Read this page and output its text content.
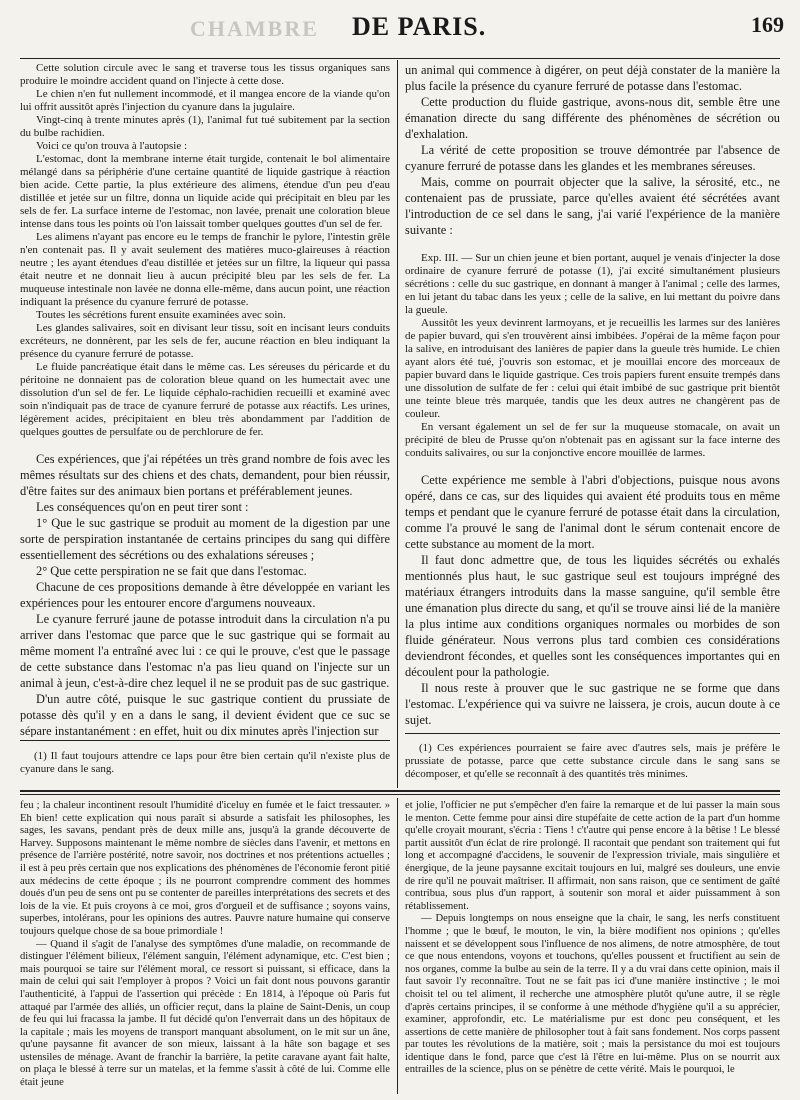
CHAMBRE DE PARIS.	169

Cette solution circule avec le sang et traverse tous les tissus organiques sans produire le moindre accident quand on l'injecte à cette dose.

Le chien n'en fut nullement incommodé, et il mangea encore de la viande qu'on lui offrit aussitôt après l'injection du cyanure dans la jugulaire.

Vingt-cinq à trente minutes après (1), l'animal fut tué subitement par la section du bulbe rachidien.

Voici ce qu'on trouva à l'autopsie :

L'estomac, dont la membrane interne était turgide, contenait le bol alimentaire mélangé dans sa périphérie d'une certaine quantité de liquide gastrique à réaction bien acide. Cette partie, la plus extérieure des alimens, étendue d'un peu d'eau distillée et jetée sur un filtre, donna un liquide acide qui précipitait en bleu par les sels de fer. La surface interne de l'estomac, non lavée, prenait une coloration bleue intense dans tous les points où l'on laissait tomber quelques gouttes d'un sel de fer.

Les alimens n'ayant pas encore eu le temps de franchir le pylore, l'intestin grêle n'en contenait pas. Il y avait seulement des matières muco-glaireuses à réaction neutre ; les ayant étendues d'eau distillée et jetées sur un filtre, la liqueur qui passa était neutre et ne donnait lieu à aucun précipité bleu par les sels de fer. La muqueuse intestinale non lavée ne donna elle-même, dans aucun point, une réaction indiquant la présence du cyanure ferruré de potasse.

Toutes les sécrétions furent ensuite examinées avec soin.

Les glandes salivaires, soit en divisant leur tissu, soit en incisant leurs conduits excréteurs, ne donnèrent, par les sels de fer, aucune réaction en bleu indiquant la présence du cyanure ferruré de potasse.

Le fluide pancréatique était dans le même cas. Les séreuses du péricarde et du péritoine ne donnaient pas de coloration bleue quand on les humectait avec une dissolution d'un sel de fer. Le liquide céphalo-rachidien recueilli et examiné avec soin n'indiquait pas de trace de cyanure ferruré de potasse aux réactifs. Les urines, légèrement acides, précipitaient en bleu très abondamment par l'addition de quelques gouttes de persulfate ou de perchlorure de fer.

Ces expériences, que j'ai répétées un très grand nombre de fois avec les mêmes résultats sur des chiens et des chats, demandent, pour bien réussir, d'être faites sur des animaux bien portans et préférablement jeunes.

Les conséquences qu'on en peut tirer sont :

1° Que le suc gastrique se produit au moment de la digestion par une sorte de perspiration instantanée de certains principes du sang qui diffère essentiellement des sécrétions ou des exhalations séreuses ;

2° Que cette perspiration ne se fait que dans l'estomac.

Chacune de ces propositions demande à être développée en variant les expériences pour les entourer encore d'argumens nouveaux.

Le cyanure ferruré jaune de potasse introduit dans la circulation n'a pu arriver dans l'estomac que parce que le suc gastrique qui se formait au même moment l'a entraîné avec lui : ce qui le prouve, c'est que le passage de cette substance dans l'estomac n'a pas lieu quand on l'injecte sur un animal à jeun, c'est-à-dire chez lequel il ne se produit pas de suc gastrique.

D'un autre côté, puisque le suc gastrique contient du prussiate de potasse dès qu'il y en a dans le sang, il devient évident que ce suc se sépare instantanément : en effet, huit ou dix minutes après l'injection sur

un animal qui commence à digérer, on peut déjà constater de la manière la plus facile la présence du cyanure ferruré de potasse dans l'estomac.

Cette production du fluide gastrique, avons-nous dit, semble être une émanation directe du sang différente des phénomènes de sécrétion ou d'exhalation.

La vérité de cette proposition se trouve démontrée par l'absence de cyanure ferruré de potasse dans les glandes et les membranes séreuses.

Mais, comme on pourrait objecter que la salive, la sérosité, etc., ne contenaient pas de prussiate, parce qu'elles avaient été sécrétées avant l'introduction de ce sel dans le sang, j'ai varié l'expérience de la manière suivante :

Exp. III. — Sur un chien jeune et bien portant, auquel je venais d'injecter la dose ordinaire de cyanure ferruré de potasse (1), j'ai excité simultanément plusieurs sécrétions : celle du suc gastrique, en donnant à manger à l'animal ; celle des larmes, en lui jetant du tabac dans les yeux ; celle de la salive, en lui mettant du poivre dans la gueule.

Aussitôt les yeux devinrent larmoyans, et je recueillis les larmes sur des lanières de papier buvard, qui s'en trouvèrent ainsi imbibées. J'opérai de la même façon pour la salive, en introduisant des lanières de papier dans la gueule très humide. Le chien ayant alors été tué, j'ouvris son estomac, et je mouillai encore des morceaux de papier buvard dans le liquide gastrique. Ces trois papiers furent ensuite trempés dans une dissolution de sulfate de fer : celui qui était imbibé de suc gastrique prit bientôt une teinte bleue très marquée, tandis que les deux autres ne changèrent pas de couleur.

En versant également un sel de fer sur la muqueuse stomacale, on avait un précipité de bleu de Prusse qu'on n'obtenait pas en agissant sur la face interne des conduits salivaires, ou sur la conjonctive encore mouillée de larmes.

Cette expérience me semble à l'abri d'objections, puisque nous avons opéré, dans ce cas, sur des liquides qui avaient été produits tous en même temps et pendant que le cyanure ferruré de potasse était dans la circulation, comme l'a prouvé le sang de l'animal dont le sérum contenait encore de cette substance au moment de la mort.

Il faut donc admettre que, de tous les liquides sécrétés ou exhalés mentionnés plus haut, le suc gastrique seul est toujours imprégné des matériaux étrangers introduits dans la masse sanguine, qu'il semble être une émanation plus directe du sang, et qu'il se trouve ainsi lié de la manière la plus intime aux conditions organiques normales ou morbides de son fluide générateur. Nous verrons plus tard combien ces considérations deviendront fécondes, et quelles sont les conséquences importantes qui en découlent pour la pathologie.

Il nous reste à prouver que le suc gastrique ne se forme que dans l'estomac. L'expérience qui va suivre ne laissera, je crois, aucun doute à ce sujet.

(1) Il faut toujours attendre ce laps pour être bien certain qu'il n'existe plus de cyanure dans le sang.

(1) Ces expériences pourraient se faire avec d'autres sels, mais je préfère le prussiate de potasse, parce que cette substance circule dans le sang sans se décomposer, et qu'elle se reconnaît à des quantités très minimes.

feu ; la chaleur incontinent resoult l'humidité d'iceluy en fumée et le faict tressauter. » Eh bien! cette explication qui nous paraît si absurde a satisfait les philosophes, les sages, les savans, pendant près de deux mille ans, jusqu'à la grande découverte de Harvey. Supposons maintenant le même nombre de siècles dans l'avenir, et mettons en présence de l'arrière postérité, notre savoir, nos doctrines et nos prétentions actuelles ; il est à peu près certain que nos explications des phénomènes de l'économie feront pitié aux médecins de cette époque ; ils ne pourront comprendre comment des hommes doués d'un peu de sens ont pu se contenter de pareilles interprétations des secrets et des lois de la vie. Et puis croyons à ce moi, gros d'orgueil et de suffisance ; soyons vains, superbes, intolérans, pour les opinions des autres. Pauvre nature humaine qui conserve toujours quelque chose de sa boue primordiale !

— Quand il s'agit de l'analyse des symptômes d'une maladie, on recommande de distinguer l'élément bilieux, l'élément sanguin, l'élément adynamique, etc. C'est bien ; mais pourquoi se taire sur l'élément moral, ce ressort si puissant, si efficace, dans la main de celui qui sait l'employer à propos ? Voici un fait dont nous pouvons garantir l'authenticité, à l'appui de l'assertion qui précède : En 1814, à l'époque où Paris fut attaqué par l'armée des alliés, un officier reçut, dans la plaine de Saint-Denis, un coup de feu qui lui fracassa la jambe. Il fut décidé qu'on l'enverrait dans un des hôpitaux de la capitale ; mais les moyens de transport manquant absolument, on le mit sur un âne, qu'une paysanne fit avancer de son mieux, laissant à la hâte son bagage et ses ustensiles de ménage. Avant de franchir la barrière, la petite caravane ayant fait halte, on plaça le blessé à terre sur un matelas, et la femme s'assit à côté de lui. Comme elle était jeune

et jolie, l'officier ne put s'empêcher d'en faire la remarque et de lui passer la main sous le menton. Cette femme pour ainsi dire stupéfaite de cette action de la part d'un homme qu'elle croyait mourant, s'écria : Tiens ! c't'autre qui pense encore à la bêtise ! Le blessé partit aussitôt d'un éclat de rire prolongé. Il racontait que pendant son traitement qui fut long et accompagné d'accidens, le souvenir de l'expression triviale, mais singulière et énergique, de la jeune paysanne excitait toujours en lui, malgré ses douleurs, une envie de rire qu'il ne pouvait maîtriser. Il affirmait, non sans raison, que ce sentiment de gaîté contribua, sous plus d'un rapport, à soutenir son moral et aider puissamment à son rétablissement.

— Depuis longtemps on nous enseigne que la chair, le sang, les nerfs constituent l'homme ; que le bœuf, le mouton, le vin, la bière modifient nos opinions ; qu'elles naissent et se développent sous l'influence de nos alimens, de notre atmosphère, de tout ce que nous entendons, voyons et touchons, qu'elles poussent et fructifient au sein de nos organes, comme la bulbe au sein de la terre. Il y a du vrai dans cette opinion, mais il faut savoir l'y reconnaître. Tout ne se fait pas ici d'une manière instinctive ; le moi choisit tel ou tel aliment, il recherche une atmosphère plutôt qu'une autre, il se règle d'après certains principes, il se conforme à une méthode d'hygiène qu'il a su apprécier, examiner, approfondir, etc. Le matérialisme pur est donc peu conséquent, et les assertions de cette manière de philosopher tout à fait sans fondement. Nos corps passent par toutes les révolutions de la matière, soit ; mais la persistance du moi est toujours identique dans le fond, parce que c'est là l'être en lui-même. Plus on se nourrit aux entrailles de la science, plus on se pénètre de cette vérité. Mais le pourquoi, le
